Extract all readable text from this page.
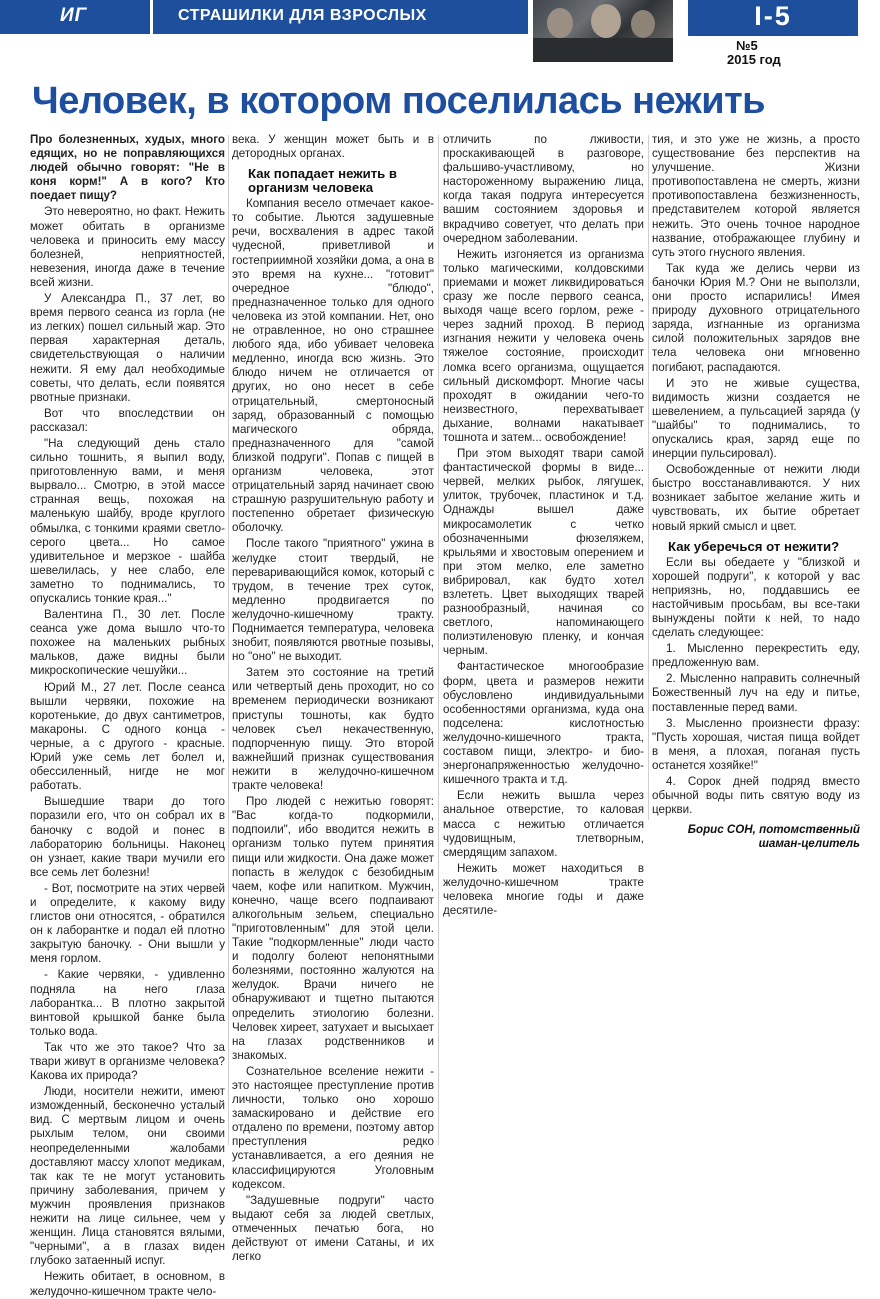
ИГ	СТРАШИЛКИ ДЛЯ ВЗРОСЛЫХ	I-5
№5
2015 год
Человек, в котором поселилась нежить

Про болезненных, худых, много едящих, но не поправляющихся людей обычно говорят: "Не в коня корм!" А в кого? Кто поедает пищу?

Это невероятно, но факт. Нежить может обитать в организме человека и приносить ему массу болезней, неприятностей, невезения, иногда даже в течение всей жизни.

У Александра П., 37 лет, во время первого сеанса из горла (не из легких) пошел сильный жар. Это первая характерная деталь, свидетельствующая о наличии нежити. Я ему дал необходимые советы, что делать, если появятся рвотные признаки.

Вот что впоследствии он рассказал:

"На следующий день стало сильно тошнить, я выпил воду, приготовленную вами, и меня вырвало... Смотрю, в этой массе странная вещь, похожая на маленькую шайбу, вроде круглого обмылка, с тонкими краями светло-серого цвета... Но самое удивительное и мерзкое - шайба шевелилась, у нее слабо, еле заметно то поднимались, то опускались тонкие края..."

Валентина П., 30 лет. После сеанса уже дома вышло что-то похожее на маленьких рыбных мальков, даже видны были микроскопические чешуйки...

Юрий М., 27 лет. После сеанса вышли червяки, похожие на коротенькие, до двух сантиметров, макароны. С одного конца - черные, а с другого - красные. Юрий уже семь лет болел и, обессиленный, нигде не мог работать.

Вышедшие твари до того поразили его, что он собрал их в баночку с водой и понес в лабораторию больницы. Наконец он узнает, какие твари мучили его все семь лет болезни!

- Вот, посмотрите на этих червей и определите, к какому виду глистов они относятся, - обратился он к лаборантке и подал ей плотно закрытую баночку. - Они вышли у меня горлом.

- Какие червяки, - удивленно подняла на него глаза лаборантка... В плотно закрытой винтовой крышкой банке была только вода.

Так что же это такое? Что за твари живут в организме человека? Какова их природа?

Люди, носители нежити, имеют изможденный, бесконечно усталый вид. С мертвым лицом и очень рыхлым телом, они своими неопределенными жалобами доставляют массу хлопот медикам, так как те не могут установить причину заболевания, причем у мужчин проявления признаков нежити на лице сильнее, чем у женщин. Лица становятся вялыми, "черными", а в глазах виден глубоко затаенный испуг.

Нежить обитает, в основном, в желудочно-кишечном тракте чело-

века. У женщин может быть и в детородных органах.

Как попадает нежить в организм человека

Компания весело отмечает какое-то событие. Льются задушевные речи, восхваления в адрес такой чудесной, приветливой и гостеприимной хозяйки дома, а она в это время на кухне... "готовит" очередное "блюдо", предназначенное только для одного человека из этой компании. Нет, оно не отравленное, но оно страшнее любого яда, ибо убивает человека медленно, иногда всю жизнь. Это блюдо ничем не отличается от других, но оно несет в себе отрицательный, смертоносный заряд, образованный с помощью магического обряда, предназначенного для "самой близкой подруги". Попав с пищей в организм человека, этот отрицательный заряд начинает свою страшную разрушительную работу и постепенно обретает физическую оболочку.

После такого "приятного" ужина в желудке стоит твердый, не переваривающийся комок, который с трудом, в течение трех суток, медленно продвигается по желудочно-кишечному тракту. Поднимается температура, человека знобит, появляются рвотные позывы, но "оно" не выходит.

Затем это состояние на третий или четвертый день проходит, но со временем периодически возникают приступы тошноты, как будто человек съел некачественную, подпорченную пищу. Это второй важнейший признак существования нежити в желудочно-кишечном тракте человека!

Про людей с нежитью говорят: "Вас когда-то подкормили, подпоили", ибо вводится нежить в организм только путем принятия пищи или жидкости. Она даже может попасть в желудок с безобидным чаем, кофе или напитком. Мужчин, конечно, чаще всего подпаивают алкогольным зельем, специально "приготовленным" для этой цели. Такие "подкормленные" люди часто и подолгу болеют непонятными болезнями, постоянно жалуются на желудок. Врачи ничего не обнаруживают и тщетно пытаются определить этиологию болезни. Человек хиреет, затухает и высыхает на глазах родственников и знакомых.

Сознательное вселение нежити - это настоящее преступление против личности, только оно хорошо замаскировано и действие его отдалено по времени, поэтому автор преступления редко устанавливается, а его деяния не классифицируются Уголовным кодексом.

"Задушевные подруги" часто выдают себя за людей светлых, отмеченных печатью бога, но действуют от имени Сатаны, и их легко

отличить по лживости, проскакивающей в разговоре, фальшиво-участливому, но настороженному выражению лица, когда такая подруга интересуется вашим состоянием здоровья и вкрадчиво советует, что делать при очередном заболевании.

Нежить изгоняется из организма только магическими, колдовскими приемами и может ликвидироваться сразу же после первого сеанса, выходя чаще всего горлом, реже - через задний проход. В период изгнания нежити у человека очень тяжелое состояние, происходит ломка всего организма, ощущается сильный дискомфорт. Многие часы проходят в ожидании чего-то неизвестного, перехватывает дыхание, волнами накатывает тошнота и затем... освобождение!

При этом выходят твари самой фантастической формы в виде... червей, мелких рыбок, лягушек, улиток, трубочек, пластинок и т.д. Однажды вышел даже микросамолетик с четко обозначенными фюзеляжем, крыльями и хвостовым оперением и при этом мелко, еле заметно вибрировал, как будто хотел взлететь. Цвет выходящих тварей разнообразный, начиная со светлого, напоминающего полиэтиленовую пленку, и кончая черным.

Фантастическое многообразие форм, цвета и размеров нежити обусловлено индивидуальными особенностями организма, куда она подселена: кислотностью желудочно-кишечного тракта, составом пищи, электро- и био-энергонапряженностью желудочно-кишечного тракта и т.д.

Если нежить вышла через анальное отверстие, то каловая масса с нежитью отличается чудовищным, тлетворным, смердящим запахом.

Нежить может находиться в желудочно-кишечном тракте человека многие годы и даже десятиле-

тия, и это уже не жизнь, а просто существование без перспектив на улучшение. Жизни противопоставлена не смерть, жизни противопоставлена безжизненность, представителем которой является нежить. Это очень точное народное название, отображающее глубину и суть этого гнусного явления.

Так куда же делись черви из баночки Юрия М.? Они не выползли, они просто испарились! Имея природу духовного отрицательного заряда, изгнанные из организма силой положительных зарядов вне тела человека они мгновенно погибают, распадаются.

И это не живые существа, видимость жизни создается не шевелением, а пульсацией заряда (у "шайбы" то поднимались, то опускались края, заряд еще по инерции пульсировал).

Освобожденные от нежити люди быстро восстанавливаются. У них возникает забытое желание жить и чувствовать, их бытие обретает новый яркий смысл и цвет.

Как уберечься от нежити?

Если вы обедаете у "близкой и хорошей подруги", к которой у вас неприязнь, но, поддавшись ее настойчивым просьбам, вы все-таки вынуждены пойти к ней, то надо сделать следующее:

1. Мысленно перекрестить еду, предложенную вам.

2. Мысленно направить солнечный Божественный луч на еду и питье, поставленные перед вами.

3. Мысленно произнести фразу: "Пусть хорошая, чистая пища войдет в меня, а плохая, поганая пусть останется хозяйке!"

4. Сорок дней подряд вместо обычной воды пить святую воду из церкви.

Борис СОН, потомственный шаман-целитель
